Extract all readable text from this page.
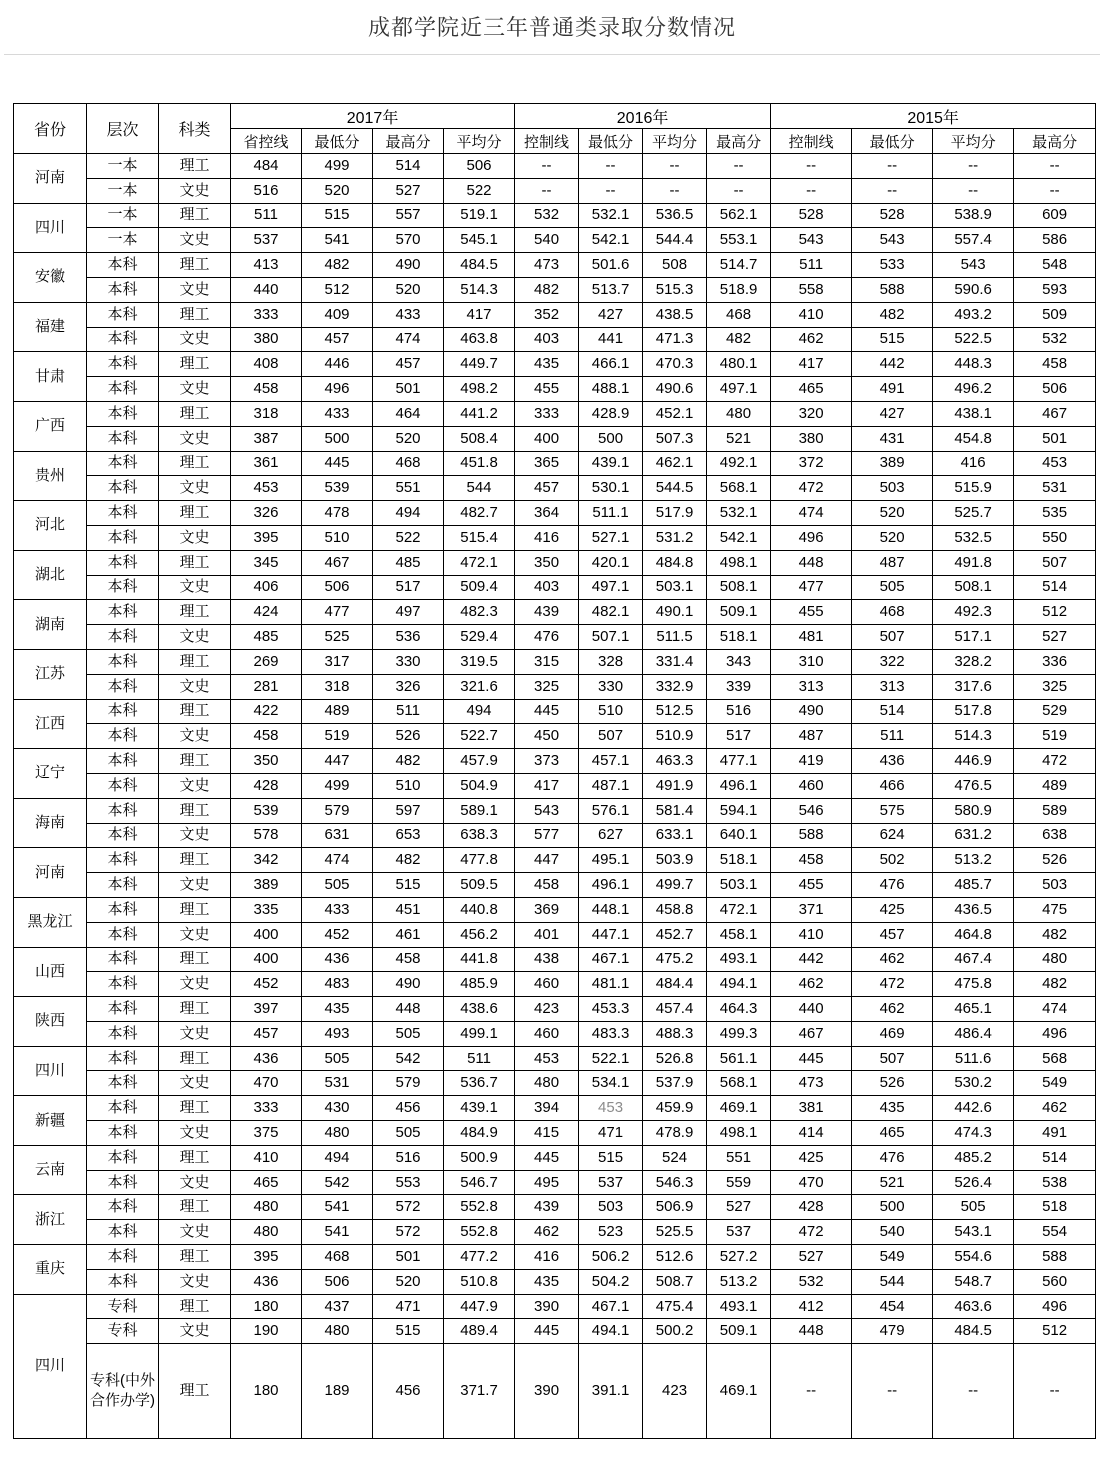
成都学院近三年普通类录取分数情况
省份	层次	科类	2017年				2016年				2015年			
			省控线	最低分	最高分	平均分	控制线	最低分	平均分	最高分	控制线	最低分	平均分	最高分
河南	一本	理工	484	499	514	506	--	--	--	--	--	--	--	--
	一本	文史	516	520	527	522	--	--	--	--	--	--	--	--
四川	一本	理工	511	515	557	519.1	532	532.1	536.5	562.1	528	528	538.9	609
	一本	文史	537	541	570	545.1	540	542.1	544.4	553.1	543	543	557.4	586
安徽	本科	理工	413	482	490	484.5	473	501.6	508	514.7	511	533	543	548
	本科	文史	440	512	520	514.3	482	513.7	515.3	518.9	558	588	590.6	593
福建	本科	理工	333	409	433	417	352	427	438.5	468	410	482	493.2	509
	本科	文史	380	457	474	463.8	403	441	471.3	482	462	515	522.5	532
甘肃	本科	理工	408	446	457	449.7	435	466.1	470.3	480.1	417	442	448.3	458
	本科	文史	458	496	501	498.2	455	488.1	490.6	497.1	465	491	496.2	506
广西	本科	理工	318	433	464	441.2	333	428.9	452.1	480	320	427	438.1	467
	本科	文史	387	500	520	508.4	400	500	507.3	521	380	431	454.8	501
贵州	本科	理工	361	445	468	451.8	365	439.1	462.1	492.1	372	389	416	453
	本科	文史	453	539	551	544	457	530.1	544.5	568.1	472	503	515.9	531
河北	本科	理工	326	478	494	482.7	364	511.1	517.9	532.1	474	520	525.7	535
	本科	文史	395	510	522	515.4	416	527.1	531.2	542.1	496	520	532.5	550
湖北	本科	理工	345	467	485	472.1	350	420.1	484.8	498.1	448	487	491.8	507
	本科	文史	406	506	517	509.4	403	497.1	503.1	508.1	477	505	508.1	514
湖南	本科	理工	424	477	497	482.3	439	482.1	490.1	509.1	455	468	492.3	512
	本科	文史	485	525	536	529.4	476	507.1	511.5	518.1	481	507	517.1	527
江苏	本科	理工	269	317	330	319.5	315	328	331.4	343	310	322	328.2	336
	本科	文史	281	318	326	321.6	325	330	332.9	339	313	313	317.6	325
江西	本科	理工	422	489	511	494	445	510	512.5	516	490	514	517.8	529
	本科	文史	458	519	526	522.7	450	507	510.9	517	487	511	514.3	519
辽宁	本科	理工	350	447	482	457.9	373	457.1	463.3	477.1	419	436	446.9	472
	本科	文史	428	499	510	504.9	417	487.1	491.9	496.1	460	466	476.5	489
海南	本科	理工	539	579	597	589.1	543	576.1	581.4	594.1	546	575	580.9	589
	本科	文史	578	631	653	638.3	577	627	633.1	640.1	588	624	631.2	638
河南	本科	理工	342	474	482	477.8	447	495.1	503.9	518.1	458	502	513.2	526
	本科	文史	389	505	515	509.5	458	496.1	499.7	503.1	455	476	485.7	503
黑龙江	本科	理工	335	433	451	440.8	369	448.1	458.8	472.1	371	425	436.5	475
	本科	文史	400	452	461	456.2	401	447.1	452.7	458.1	410	457	464.8	482
山西	本科	理工	400	436	458	441.8	438	467.1	475.2	493.1	442	462	467.4	480
	本科	文史	452	483	490	485.9	460	481.1	484.4	494.1	462	472	475.8	482
陕西	本科	理工	397	435	448	438.6	423	453.3	457.4	464.3	440	462	465.1	474
	本科	文史	457	493	505	499.1	460	483.3	488.3	499.3	467	469	486.4	496
四川	本科	理工	436	505	542	511	453	522.1	526.8	561.1	445	507	511.6	568
	本科	文史	470	531	579	536.7	480	534.1	537.9	568.1	473	526	530.2	549
新疆	本科	理工	333	430	456	439.1	394	453	459.9	469.1	381	435	442.6	462
	本科	文史	375	480	505	484.9	415	471	478.9	498.1	414	465	474.3	491
云南	本科	理工	410	494	516	500.9	445	515	524	551	425	476	485.2	514
	本科	文史	465	542	553	546.7	495	537	546.3	559	470	521	526.4	538
浙江	本科	理工	480	541	572	552.8	439	503	506.9	527	428	500	505	518
	本科	文史	480	541	572	552.8	462	523	525.5	537	472	540	543.1	554
重庆	本科	理工	395	468	501	477.2	416	506.2	512.6	527.2	527	549	554.6	588
	本科	文史	436	506	520	510.8	435	504.2	508.7	513.2	532	544	548.7	560
四川	专科	理工	180	437	471	447.9	390	467.1	475.4	493.1	412	454	463.6	496
	专科	文史	190	480	515	489.4	445	494.1	500.2	509.1	448	479	484.5	512
	专科(中外合作办学)	理工	180	189	456	371.7	390	391.1	423	469.1	--	--	--	--
